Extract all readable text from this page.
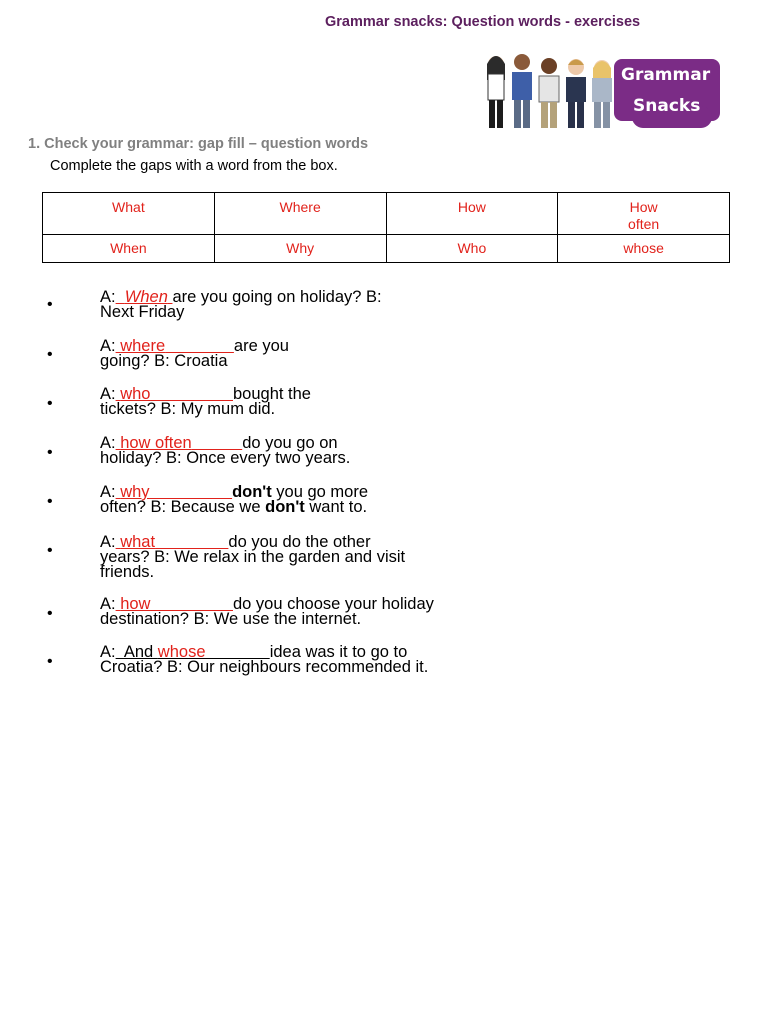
Grammar snacks: Question words - exercises
Grammar
Snacks
1. Check your grammar: gap fill – question words
Complete the gaps with a word from the box.
What	Where	How	How often
When	Why	Who	whose
•	A: When are you going on holiday? B:
Next Friday
•	A: where	are you
going? B: Croatia
•
A: who	bought the
tickets? B: My mum did.
•
A: how often	do you go on
holiday? B: Once every two years.
•
A: why	don't you go more
often? B: Because we don't want to.
•	A: what	do you do the other
years? B: We relax in the garden and visit
friends.
•
A: how	do you choose your holiday
destination? B: We use the internet.
•
A:  And whose	idea was it to go to
Croatia? B: Our neighbours recommended it.
